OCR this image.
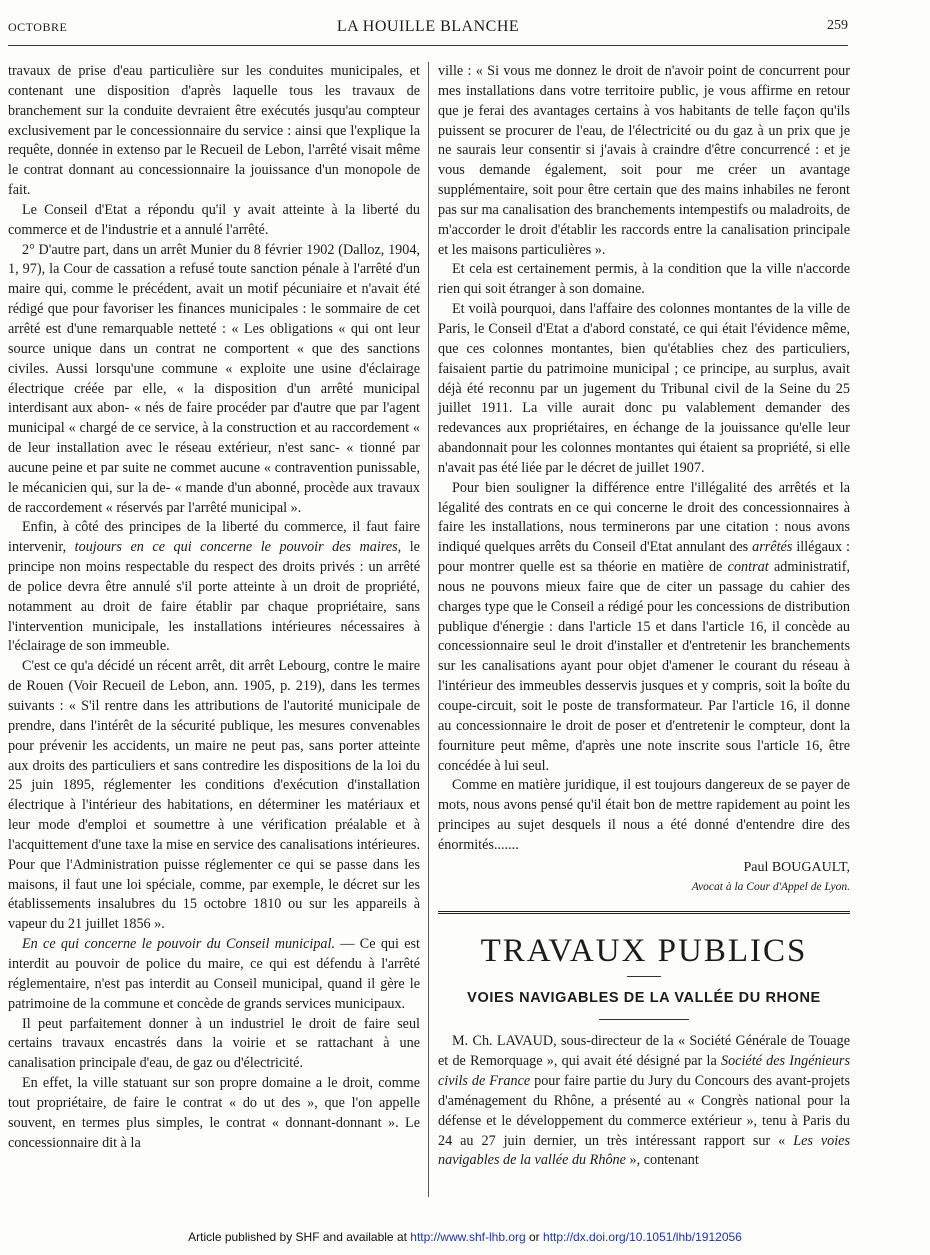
OCTOBRE	LA HOUILLE BLANCHE	259

travaux de prise d'eau particulière sur les conduites municipales, et contenant une disposition d'après laquelle tous les travaux de branchement sur la conduite devraient être exécutés jusqu'au compteur exclusivement par le concessionnaire du service : ainsi que l'explique la requête, donnée in extenso par le Recueil de Lebon, l'arrêté visait même le contrat donnant au concessionnaire la jouissance d'un monopole de fait.

Le Conseil d'Etat a répondu qu'il y avait atteinte à la liberté du commerce et de l'industrie et a annulé l'arrêté.

2° D'autre part, dans un arrêt Munier du 8 février 1902 (Dalloz, 1904, 1, 97), la Cour de cassation a refusé toute sanction pénale à l'arrêté d'un maire qui, comme le précédent, avait un motif pécuniaire et n'avait été rédigé que pour favoriser les finances municipales : le sommaire de cet arrêté est d'une remarquable netteté : « Les obligations « qui ont leur source unique dans un contrat ne comportent « que des sanctions civiles. Aussi lorsqu'une commune « exploite une usine d'éclairage électrique créée par elle, « la disposition d'un arrêté municipal interdisant aux abon- « nés de faire procéder par d'autre que par l'agent municipal « chargé de ce service, à la construction et au raccordement « de leur installation avec le réseau extérieur, n'est sanc- « tionné par aucune peine et par suite ne commet aucune « contravention punissable, le mécanicien qui, sur la de- « mande d'un abonné, procède aux travaux de raccordement « réservés par l'arrêté municipal ».

Enfin, à côté des principes de la liberté du commerce, il faut faire intervenir, toujours en ce qui concerne le pouvoir des maires, le principe non moins respectable du respect des droits privés : un arrêté de police devra être annulé s'il porte atteinte à un droit de propriété, notamment au droit de faire établir par chaque propriétaire, sans l'intervention municipale, les installations intérieures nécessaires à l'éclairage de son immeuble.

C'est ce qu'a décidé un récent arrêt, dit arrêt Lebourg, contre le maire de Rouen (Voir Recueil de Lebon, ann. 1905, p. 219), dans les termes suivants : « S'il rentre dans les attributions de l'autorité municipale de prendre, dans l'intérêt de la sécurité publique, les mesures convenables pour prévenir les accidents, un maire ne peut pas, sans porter atteinte aux droits des particuliers et sans contredire les dispositions de la loi du 25 juin 1895, réglementer les conditions d'exécution d'installation électrique à l'intérieur des habitations, en déterminer les matériaux et leur mode d'emploi et soumettre à une vérification préalable et à l'acquittement d'une taxe la mise en service des canalisations intérieures. Pour que l'Administration puisse réglementer ce qui se passe dans les maisons, il faut une loi spéciale, comme, par exemple, le décret sur les établissements insalubres du 15 octobre 1810 ou sur les appareils à vapeur du 21 juillet 1856 ».

En ce qui concerne le pouvoir du Conseil municipal. — Ce qui est interdit au pouvoir de police du maire, ce qui est défendu à l'arrêté réglementaire, n'est pas interdit au Conseil municipal, quand il gère le patrimoine de la commune et concède de grands services municipaux.

Il peut parfaitement donner à un industriel le droit de faire seul certains travaux encastrés dans la voirie et se rattachant à une canalisation principale d'eau, de gaz ou d'électricité.

En effet, la ville statuant sur son propre domaine a le droit, comme tout propriétaire, de faire le contrat « do ut des », que l'on appelle souvent, en termes plus simples, le contrat « donnant-donnant ». Le concessionnaire dit à la

ville : « Si vous me donnez le droit de n'avoir point de concurrent pour mes installations dans votre territoire public, je vous affirme en retour que je ferai des avantages certains à vos habitants de telle façon qu'ils puissent se procurer de l'eau, de l'électricité ou du gaz à un prix que je ne saurais leur consentir si j'avais à craindre d'être concurrencé : et je vous demande également, soit pour me créer un avantage supplémentaire, soit pour être certain que des mains inhabiles ne feront pas sur ma canalisation des branchements intempestifs ou maladroits, de m'accorder le droit d'établir les raccords entre la canalisation principale et les maisons particulières ».

Et cela est certainement permis, à la condition que la ville n'accorde rien qui soit étranger à son domaine.

Et voilà pourquoi, dans l'affaire des colonnes montantes de la ville de Paris, le Conseil d'Etat a d'abord constaté, ce qui était l'évidence même, que ces colonnes montantes, bien qu'établies chez des particuliers, faisaient partie du patrimoine municipal ; ce principe, au surplus, avait déjà été reconnu par un jugement du Tribunal civil de la Seine du 25 juillet 1911. La ville aurait donc pu valablement demander des redevances aux propriétaires, en échange de la jouissance qu'elle leur abandonnait pour les colonnes montantes qui étaient sa propriété, si elle n'avait pas été liée par le décret de juillet 1907.

Pour bien souligner la différence entre l'illégalité des arrêtés et la légalité des contrats en ce qui concerne le droit des concessionnaires à faire les installations, nous terminerons par une citation : nous avons indiqué quelques arrêts du Conseil d'Etat annulant des arrêtés illégaux : pour montrer quelle est sa théorie en matière de contrat administratif, nous ne pouvons mieux faire que de citer un passage du cahier des charges type que le Conseil a rédigé pour les concessions de distribution publique d'énergie : dans l'article 15 et dans l'article 16, il concède au concessionnaire seul le droit d'installer et d'entretenir les branchements sur les canalisations ayant pour objet d'amener le courant du réseau à l'intérieur des immeubles desservis jusques et y compris, soit la boîte du coupe-circuit, soit le poste de transformateur. Par l'article 16, il donne au concessionnaire le droit de poser et d'entretenir le compteur, dont la fourniture peut même, d'après une note inscrite sous l'article 16, être concédée à lui seul.

Comme en matière juridique, il est toujours dangereux de se payer de mots, nous avons pensé qu'il était bon de mettre rapidement au point les principes au sujet desquels il nous a été donné d'entendre dire des énormités.......

Paul BOUGAULT,
Avocat à la Cour d'Appel de Lyon.
TRAVAUX PUBLICS
VOIES NAVIGABLES DE LA VALLÉE DU RHONE

M. Ch. LAVAUD, sous-directeur de la « Société Générale de Touage et de Remorquage », qui avait été désigné par la Société des Ingénieurs civils de France pour faire partie du Jury du Concours des avant-projets d'aménagement du Rhône, a présenté au « Congrès national pour la défense et le développement du commerce extérieur », tenu à Paris du 24 au 27 juin dernier, un très intéressant rapport sur « Les voies navigables de la vallée du Rhône », contenant

Article published by SHF and available at http://www.shf-lhb.org or http://dx.doi.org/10.1051/lhb/1912056
